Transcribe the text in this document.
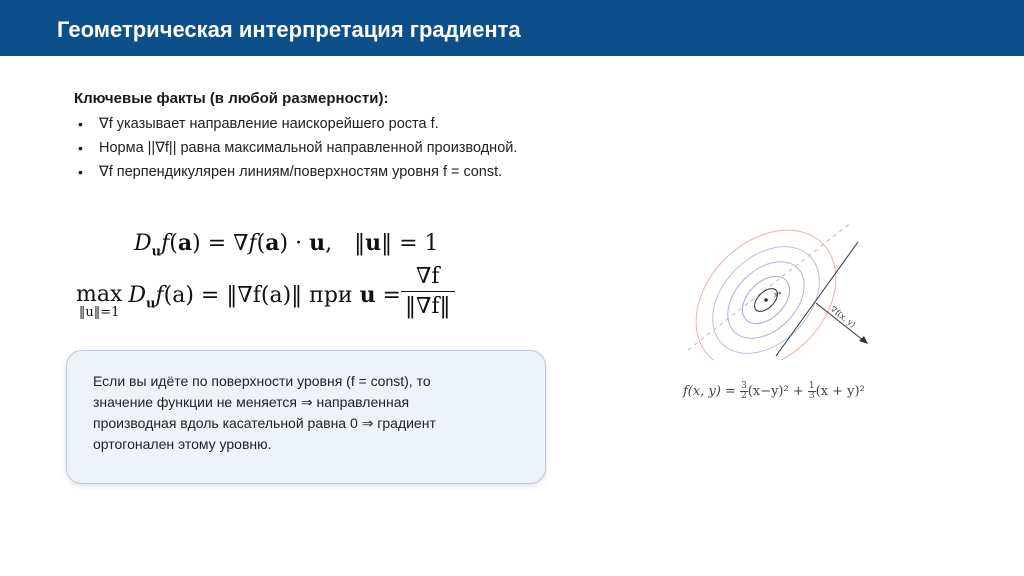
Геометрическая интерпретация градиента
Ключевые факты (в любой размерности):
• ∇f указывает направление наискорейшего роста f.
• Норма ||∇f|| равна максимальной направленной производной.
• ∇f перпендикулярен линиям/поверхностям уровня f = const.
$D_uf(a) = \nabla f(a) \cdot u$,  ‖u‖ = 1
max
‖u‖=1
$D_uf(a)$ = ‖∇f(a)‖ при $u = \frac{\nabla f}{‖\nabla f‖}$

Если вы идёте по поверхности уровня (f = const), то значение функции не меняется ⇒ направленная производная вдоль касательной равна 0 ⇒ градиент ортогонален этому уровню.

x*
∇f(x, y)
f(x, $y) = \frac{3}{2} (x-y)^2 + \frac{1}{3} (x + y)^2$
